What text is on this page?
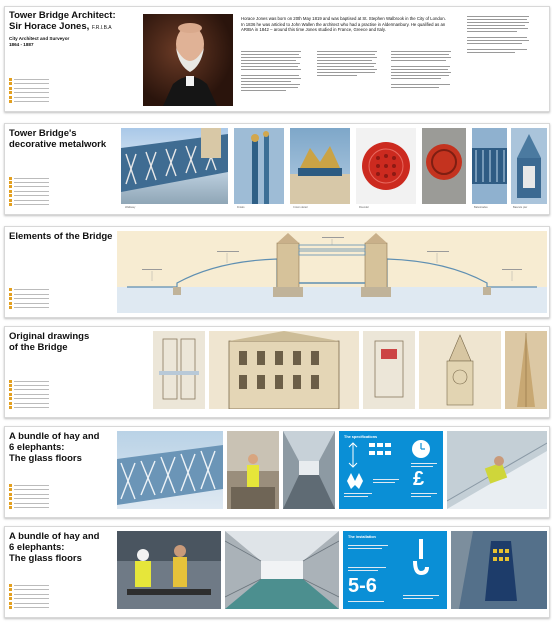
Tower Bridge Architect:
Sir Horace Jones, F.R.I.B.A
City Architect and Surveyor
1864 - 1887
Horace Jones was born on 20th May 1819 and was baptised at St. Stephen Walbrook in the City of London. In 1836 he was articled to John Wallen the architect who had a practise in Aldermanbury. He qualified as an ARIBA in 1842 – around this time Jones studied in France, Greece and Italy.
Tower Bridge's
decorative metalwork
Walkway	Finials	Crown detail	Roundel	Balustrades	Bascule pier
Elements of the Bridge
Original drawings
of the Bridge
A bundle of hay and
6 elephants:
The glass floors
The specifications
£
A bundle of hay and
6 elephants:
The glass floors
The installation
5-6
